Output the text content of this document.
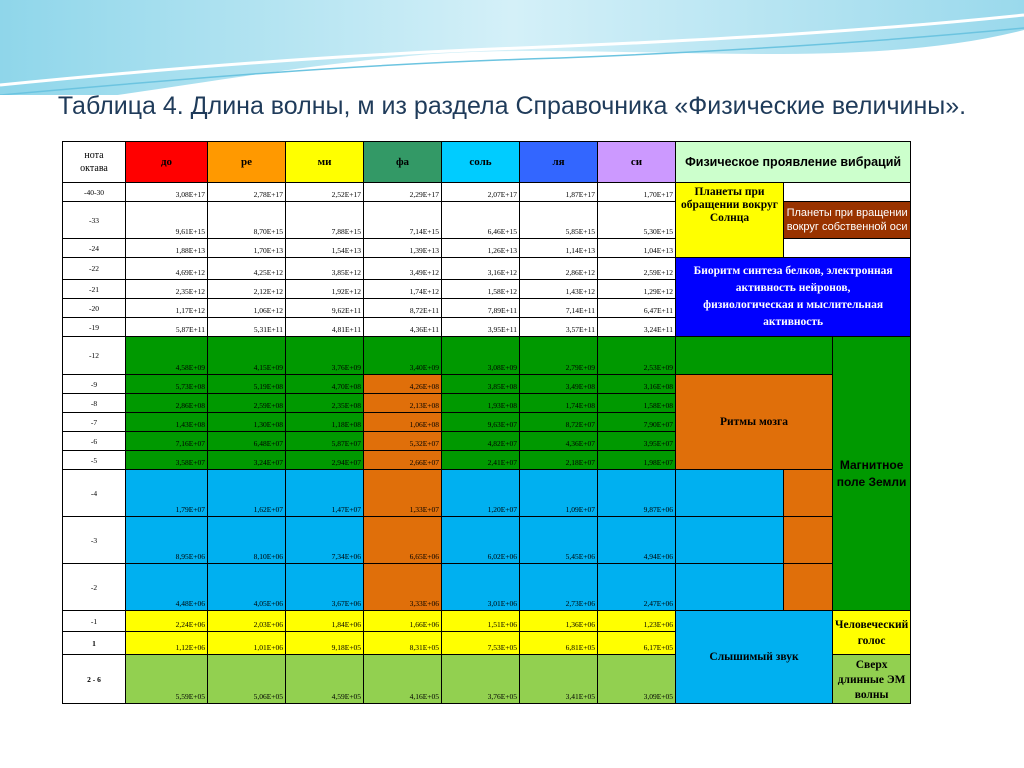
Таблица 4. Длина волны, м из раздела Справочника «Физические величины».
нота
октава	до	ре	ми	фа	соль	ля	си	Физическое проявление вибраций		
-40-30	3,08E+17	2,78E+17	2,52E+17	2,29E+17	2,07E+17	1,87E+17	1,70E+17	Планеты при обращении вокруг Солнца		
-33	9,61E+15	8,70E+15	7,88E+15	7,14E+15	6,46E+15	5,85E+15	5,30E+15		Планеты при вращении вокруг собственной оси	
-24	1,88E+13	1,70E+13	1,54E+13	1,39E+13	1,26E+13	1,14E+13	1,04E+13			
-22	4,69E+12	4,25E+12	3,85E+12	3,49E+12	3,16E+12	2,86E+12	2,59E+12	Биоритм синтеза белков, электронная активность нейронов, физиологическая и мыслительная активность		
-21	2,35E+12	2,12E+12	1,92E+12	1,74E+12	1,58E+12	1,43E+12	1,29E+12			
-20	1,17E+12	1,06E+12	9,62E+11	8,72E+11	7,89E+11	7,14E+11	6,47E+11			
-19	5,87E+11	5,31E+11	4,81E+11	4,36E+11	3,95E+11	3,57E+11	3,24E+11			
-12	4,58E+09	4,15E+09	3,76E+09	3,40E+09	3,08E+09	2,79E+09	2,53E+09			Магнитное поле Земли
-9	5,73E+08	5,19E+08	4,70E+08	4,26E+08	3,85E+08	3,49E+08	3,16E+08	Ритмы мозга		
-8	2,86E+08	2,59E+08	2,35E+08	2,13E+08	1,93E+08	1,74E+08	1,58E+08			
-7	1,43E+08	1,30E+08	1,18E+08	1,06E+08	9,63E+07	8,72E+07	7,90E+07			
-6	7,16E+07	6,48E+07	5,87E+07	5,32E+07	4,82E+07	4,36E+07	3,95E+07			
-5	3,58E+07	3,24E+07	2,94E+07	2,66E+07	2,41E+07	2,18E+07	1,98E+07			
-4	1,79E+07	1,62E+07	1,47E+07	1,33E+07	1,20E+07	1,09E+07	9,87E+06			
-3	8,95E+06	8,10E+06	7,34E+06	6,65E+06	6,02E+06	5,45E+06	4,94E+06			
-2	4,48E+06	4,05E+06	3,67E+06	3,33E+06	3,01E+06	2,73E+06	2,47E+06			
-1	2,24E+06	2,03E+06	1,84E+06	1,66E+06	1,51E+06	1,36E+06	1,23E+06	Слышимый звук		Человеческий голос
1	1,12E+06	1,01E+06	9,18E+05	8,31E+05	7,53E+05	6,81E+05	6,17E+05			
2 - 6	5,59E+05	5,06E+05	4,59E+05	4,16E+05	3,76E+05	3,41E+05	3,09E+05			Сверх длинные ЭМ волны
